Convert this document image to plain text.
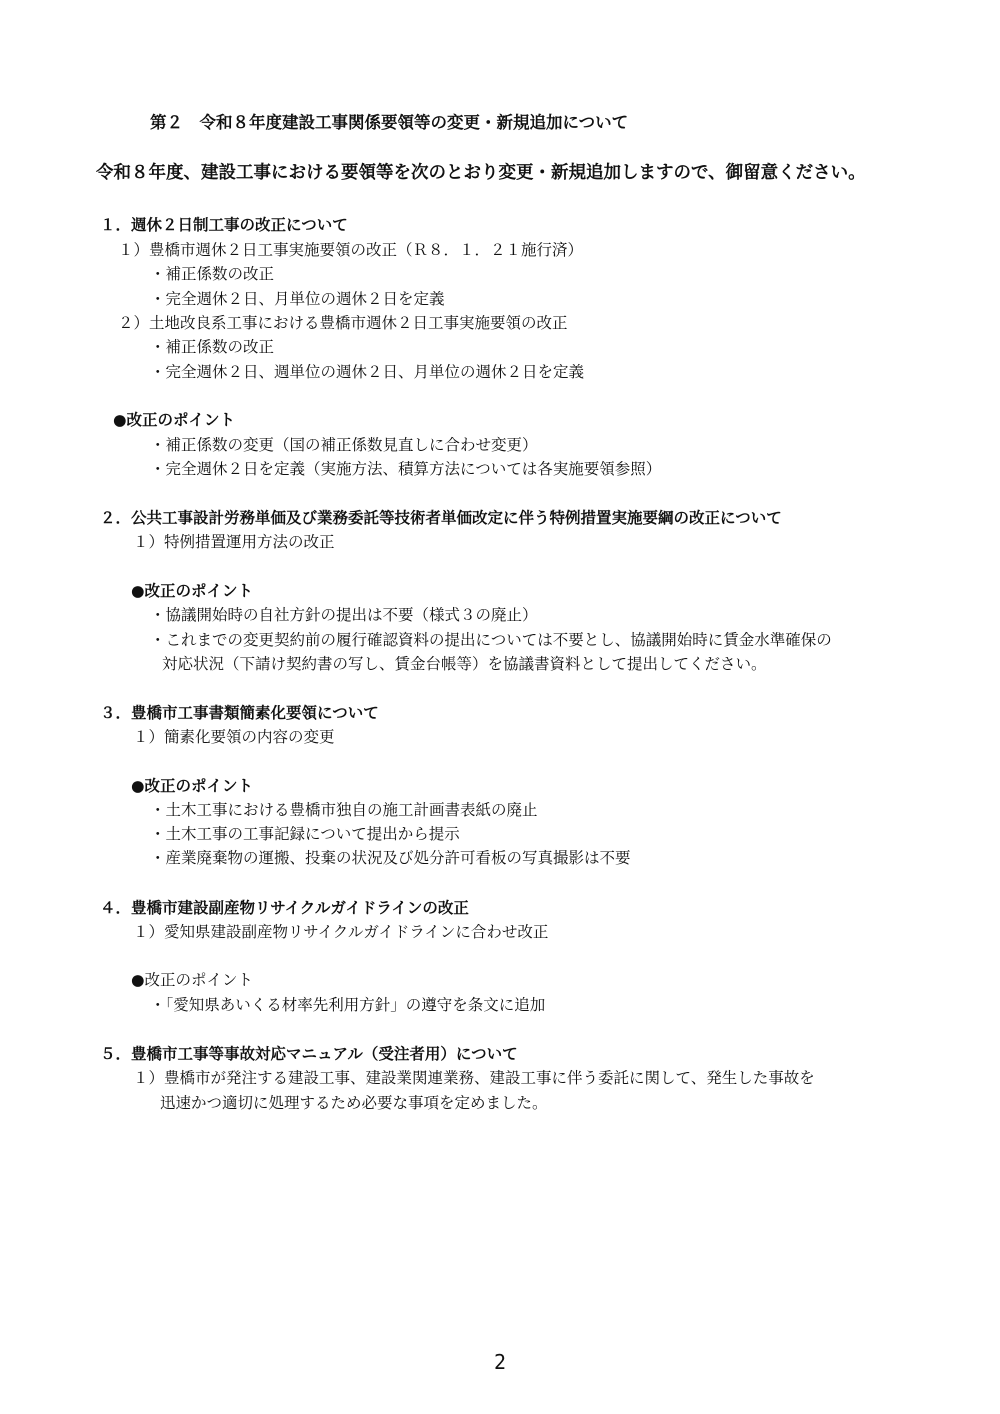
第２　令和８年度建設工事関係要領等の変更・新規追加について
令和８年度、建設工事における要領等を次のとおり変更・新規追加しますので、御留意ください。
１．週休２日制工事の改正について
１）豊橋市週休２日工事実施要領の改正（Ｒ８．１．２１施行済）
・補正係数の改正
・完全週休２日、月単位の週休２日を定義
２）土地改良系工事における豊橋市週休２日工事実施要領の改正
・補正係数の改正
・完全週休２日、週単位の週休２日、月単位の週休２日を定義
●改正のポイント
・補正係数の変更（国の補正係数見直しに合わせ変更）
・完全週休２日を定義（実施方法、積算方法については各実施要領参照）
２．公共工事設計労務単価及び業務委託等技術者単価改定に伴う特例措置実施要綱の改正について
１）特例措置運用方法の改正
●改正のポイント
・協議開始時の自社方針の提出は不要（様式３の廃止）
・これまでの変更契約前の履行確認資料の提出については不要とし、協議開始時に賃金水準確保の
対応状況（下請け契約書の写し、賃金台帳等）を協議書資料として提出してください。
３．豊橋市工事書類簡素化要領について
１）簡素化要領の内容の変更
●改正のポイント
・土木工事における豊橋市独自の施工計画書表紙の廃止
・土木工事の工事記録について提出から提示
・産業廃棄物の運搬、投棄の状況及び処分許可看板の写真撮影は不要
４．豊橋市建設副産物リサイクルガイドラインの改正
１）愛知県建設副産物リサイクルガイドラインに合わせ改正
●改正のポイント
・「愛知県あいくる材率先利用方針」の遵守を条文に追加
５．豊橋市工事等事故対応マニュアル（受注者用）について
１）豊橋市が発注する建設工事、建設業関連業務、建設工事に伴う委託に関して、発生した事故を
迅速かつ適切に処理するため必要な事項を定めました。
2
